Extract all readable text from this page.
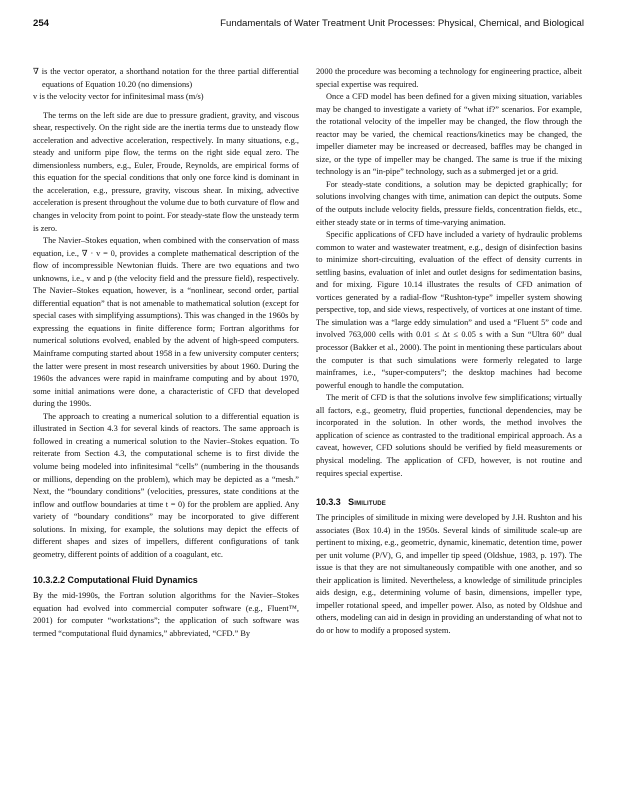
254	Fundamentals of Water Treatment Unit Processes: Physical, Chemical, and Biological
∇ is the vector operator, a shorthand notation for the three partial differential equations of Equation 10.20 (no dimensions)
v is the velocity vector for infinitesimal mass (m/s)

The terms on the left side are due to pressure gradient, gravity, and viscous shear, respectively. On the right side are the inertia terms due to unsteady flow acceleration and advective acceleration, respectively. In many situations, e.g., steady and uniform pipe flow, the terms on the right side equal zero. The dimensionless numbers, e.g., Euler, Froude, Reynolds, are empirical forms of this equation for the special conditions that only one force kind is dominant in the acceleration, e.g., pressure, gravity, viscous shear. In mixing, advective acceleration is present throughout the volume due to both curvature of flow and changes in velocity from point to point. For steady-state flow the unsteady term is zero.

The Navier–Stokes equation, when combined with the conservation of mass equation, i.e., ∇ · v = 0, provides a complete mathematical description of the flow of incompressible Newtonian fluids. There are two equations and two unknowns, i.e., v and p (the velocity field and the pressure field), respectively. The Navier–Stokes equation, however, is a “nonlinear, second order, partial differential equation” that is not amenable to mathematical solution (except for special cases with simplifying assumptions). This was changed in the 1960s by expressing the equations in finite difference form; Fortran algorithms for numerical solutions evolved, enabled by the advent of high-speed computers. Mainframe computing started about 1958 in a few university computer centers; the latter were present in most research universities by about 1960. During the 1960s the advances were rapid in mainframe computing and by about 1970, some initial animations were done, a characteristic of CFD that developed during the 1990s.

The approach to creating a numerical solution to a differential equation is illustrated in Section 4.3 for several kinds of reactors. The same approach is followed in creating a numerical solution to the Navier–Stokes equation. To reiterate from Section 4.3, the computational scheme is to first divide the volume being modeled into infinitesimal “cells” (numbering in the thousands or millions, depending on the problem), which may be depicted as a “mesh.” Next, the “boundary conditions” (velocities, pressures, state conditions at the inflow and outflow boundaries at time t = 0) for the problem are applied. Any variety of “boundary conditions” may be incorporated to give different solutions. In mixing, for example, the solutions may depict the effects of different shapes and sizes of impellers, different configurations of tank geometry, different points of addition of a coagulant, etc.

10.3.2.2 Computational Fluid Dynamics

By the mid-1990s, the Fortran solution algorithms for the Navier–Stokes equation had evolved into commercial computer software (e.g., Fluent™, 2001) for computer “workstations”; the application of such software was termed “computational fluid dynamics,” abbreviated, “CFD.” By

2000 the procedure was becoming a technology for engineering practice, albeit special expertise was required.

Once a CFD model has been defined for a given mixing situation, variables may be changed to investigate a variety of “what if?” scenarios. For example, the rotational velocity of the impeller may be changed, the flow through the reactor may be varied, the chemical reactions/kinetics may be changed, the impeller diameter may be increased or decreased, baffles may be changed in size, or the type of impeller may be changed. The same is true if the mixing technology is an “in-pipe” technology, such as a submerged jet or a grid.

For steady-state conditions, a solution may be depicted graphically; for solutions involving changes with time, animation can depict the outputs. Some of the outputs include velocity fields, pressure fields, concentration fields, etc., either steady state or in terms of time-varying animation.

Specific applications of CFD have included a variety of hydraulic problems common to water and wastewater treatment, e.g., design of disinfection basins to minimize short-circuiting, evaluation of the effect of density currents in settling basins, evaluation of inlet and outlet designs for sedimentation basins, and for mixing. Figure 10.14 illustrates the results of CFD animation of vortices generated by a radial-flow “Rushton-type” impeller system showing perspective, top, and side views, respectively, of vortices at one instant of time. The simulation was a “large eddy simulation” and used a “Fluent 5” code and involved 763,000 cells with 0.01 ≤ Δt ≤ 0.05 s with a Sun “Ultra 60” dual processor (Bakker et al., 2000). The point in mentioning these particulars about the computer is that such simulations were formerly relegated to large mainframes, i.e., “super-computers”; the desktop machines had become powerful enough to handle the computation.

The merit of CFD is that the solutions involve few simplifications; virtually all factors, e.g., geometry, fluid properties, functional dependencies, may be incorporated in the solution. In other words, the method involves the application of science as contrasted to the traditional empirical approach. As a caveat, however, CFD solutions should be verified by field measurements or physical modeling. The application of CFD, however, is not routine and requires special expertise.

10.3.3 Similitude

The principles of similitude in mixing were developed by J.H. Rushton and his associates (Box 10.4) in the 1950s. Several kinds of similitude scale-up are pertinent to mixing, e.g., geometric, dynamic, kinematic, detention time, power per unit volume (P/V), G, and impeller tip speed (Oldshue, 1983, p. 197). The issue is that they are not simultaneously compatible with one another, and so their application is limited. Nevertheless, a knowledge of similitude principles aids design, e.g., determining volume of basin, dimensions, impeller type, impeller rotational speed, and impeller power. Also, as noted by Oldshue and others, modeling can aid in design in providing an understanding of what not to do or how to modify a proposed system.
